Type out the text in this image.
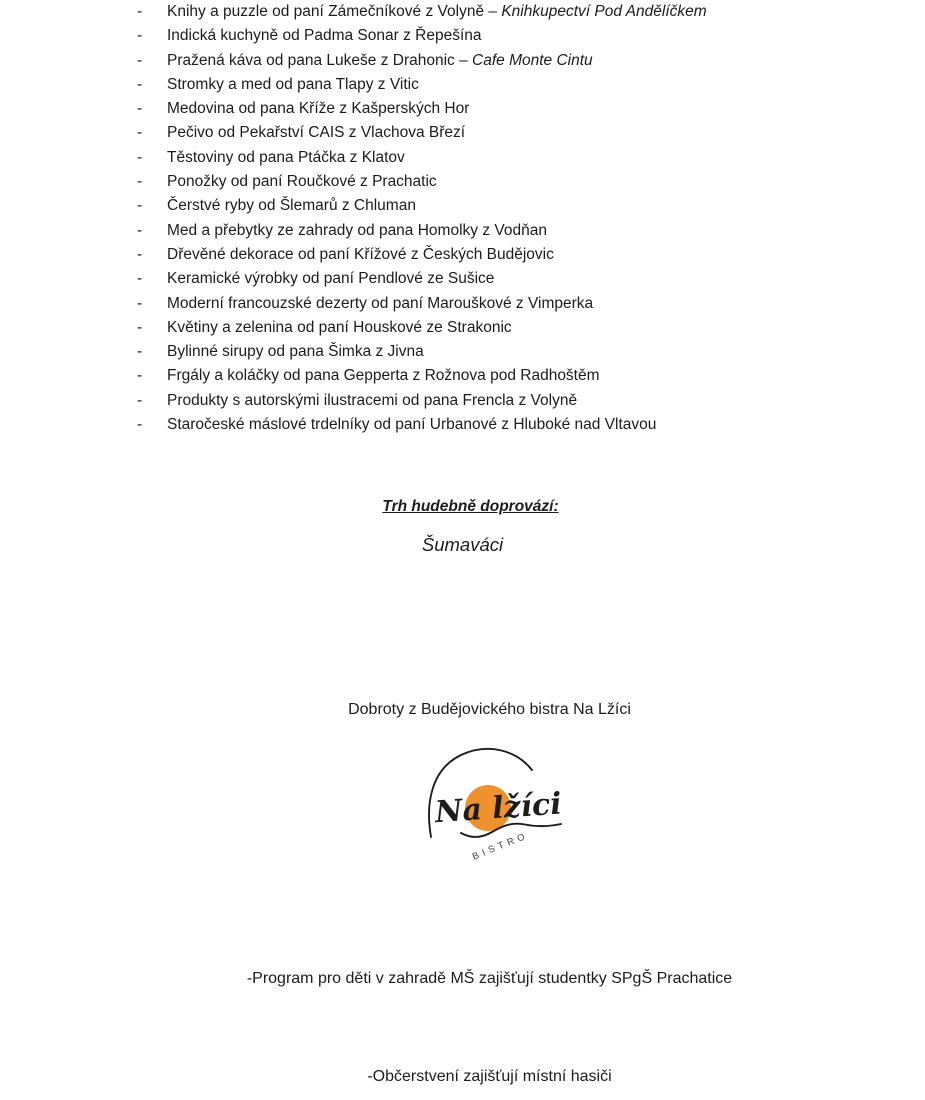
-	Knihy a puzzle od paní Zámečníkové z Volyně – Knihkupectví Pod Andělíčkem
-	Indická kuchyně od Padma Sonar z Řepešína
-	Pražená káva od pana Lukeše z Drahonic – Cafe Monte Cintu
-	Stromky a med od pana Tlapy z Vitic
-	Medovina od pana Kříže z Kašperských Hor
-	Pečivo od Pekařství CAIS z Vlachova Březí
-	Těstoviny od pana Ptáčka z Klatov
-	Ponožky od paní Roučkové z Prachatic
-	Čerstvé ryby od Šlemarů z Chluman
-	Med a přebytky ze zahrady od pana Homolky z Vodňan
-	Dřevěné dekorace od paní Křížové z Českých Budějovic
-	Keramické výrobky od paní Pendlové ze Sušice
-	Moderní francouzské dezerty od paní Marouškové z Vimperka
-	Květiny a zelenina od paní Houskové ze Strakonic
-	Bylinné sirupy od pana Šimka z Jivna
-	Frgály a koláčky od pana Gepperta z Rožnova pod Radhoštěm
-	Produkty s autorskými ilustracemi od pana Frencla z Volyně
-	Staročeské máslové trdelníky od paní Urbanové z Hluboké nad Vltavou
Trh hudebně doprovází:
Šumaváci
Dobroty z Budějovického bistra Na Lžíci
Na lžíci
BISTRO
-Program pro děti v zahradě MŠ zajišťují studentky SPgŠ Prachatice
-Občerstvení zajišťují místní hasiči
